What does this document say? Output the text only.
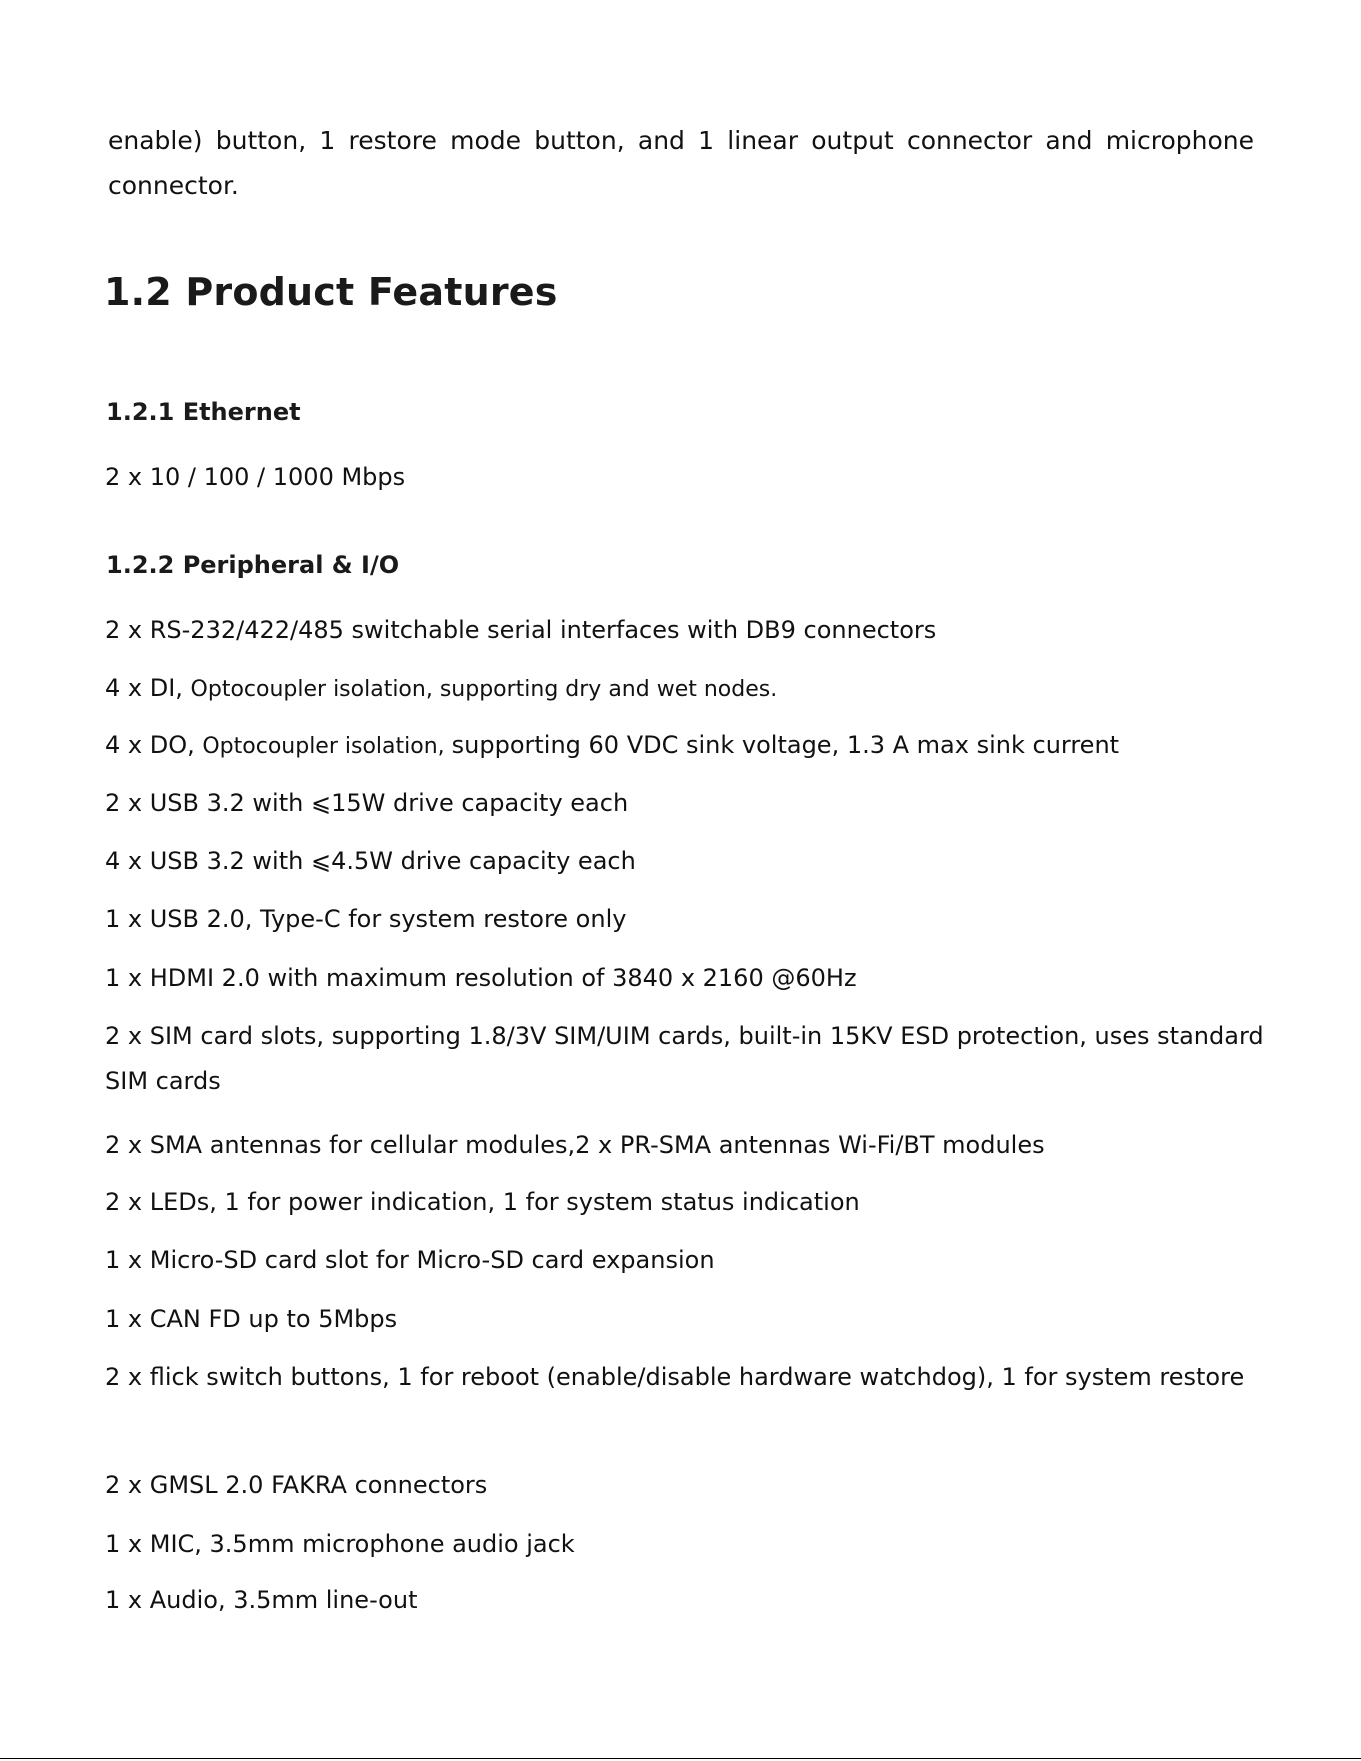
enable) button, 1 restore mode button, and 1 linear output connector and microphone connector.

1.2 Product Features
1.2.1 Ethernet

2 x 10 / 100 / 1000 Mbps

1.2.2 Peripheral & I/O

2 x RS-232/422/485 switchable serial interfaces with DB9 connectors

4 x DI, Optocoupler isolation, supporting dry and wet nodes.

4 x DO, Optocoupler isolation, supporting 60 VDC sink voltage, 1.3 A max sink current

2 x USB 3.2 with ⩽15W drive capacity each

4 x USB 3.2 with ⩽4.5W drive capacity each

1 x USB 2.0, Type-C for system restore only

1 x HDMI 2.0 with maximum resolution of 3840 x 2160 @60Hz

2 x SIM card slots, supporting 1.8/3V SIM/UIM cards, built-in 15KV ESD protection, uses standard SIM cards

2 x SMA antennas for cellular modules,2 x PR-SMA antennas Wi-Fi/BT modules

2 x LEDs, 1 for power indication, 1 for system status indication

1 x Micro-SD card slot for Micro-SD card expansion

1 x CAN FD up to 5Mbps

2 x flick switch buttons, 1 for reboot (enable/disable hardware watchdog), 1 for system restore

2 x GMSL 2.0 FAKRA connectors

1 x MIC, 3.5mm microphone audio jack

1 x Audio, 3.5mm line-out
